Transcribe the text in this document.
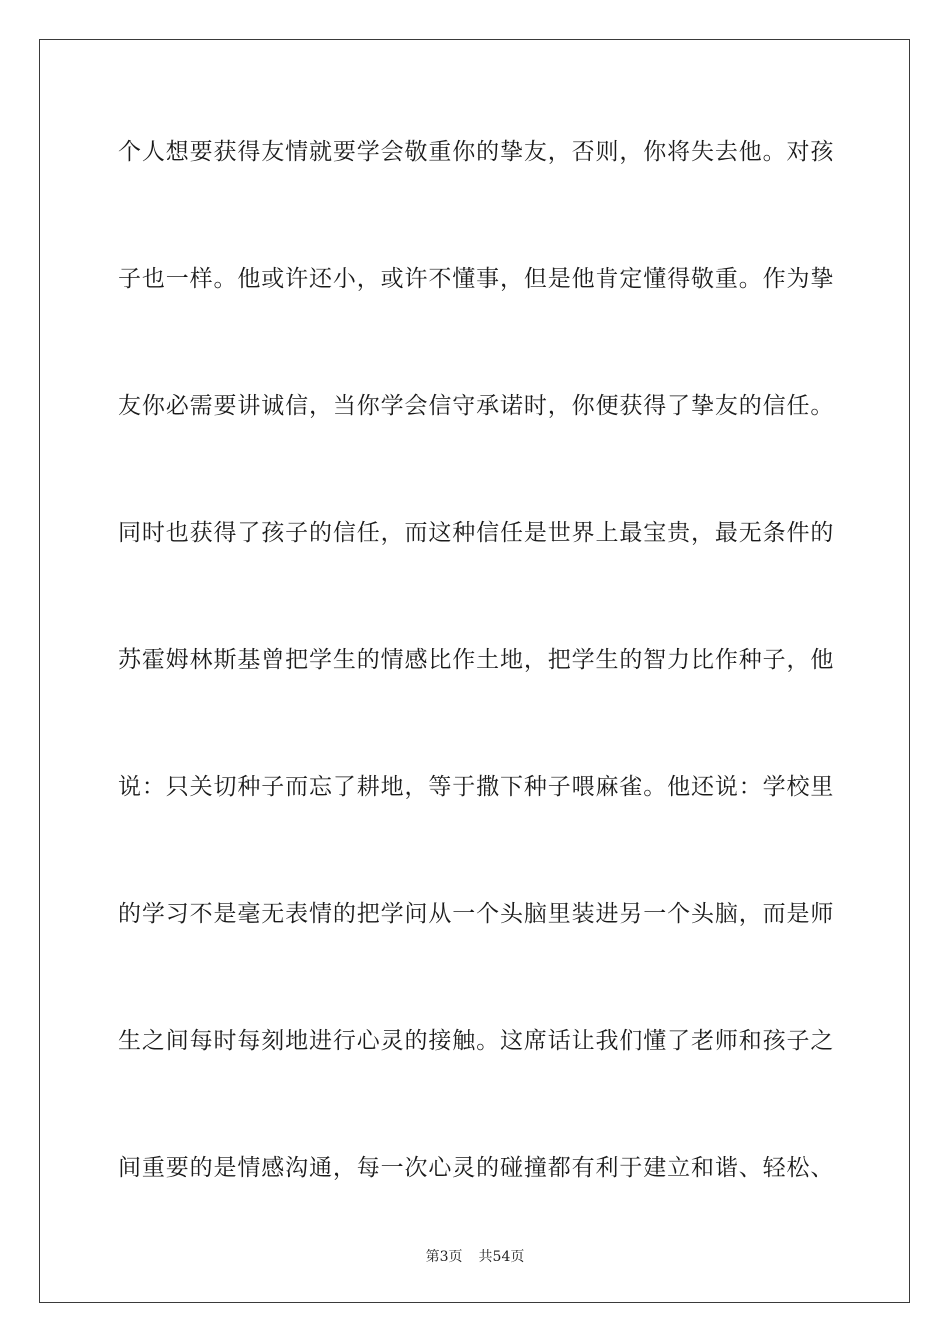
个人想要获得友情就要学会敬重你的挚友，否则，你将失去他。对孩
子也一样。他或许还小，或许不懂事，但是他肯定懂得敬重。作为挚
友你必需要讲诚信，当你学会信守承诺时，你便获得了挚友的信任。
同时也获得了孩子的信任，而这种信任是世界上最宝贵，最无条件的
苏霍姆林斯基曾把学生的情感比作土地，把学生的智力比作种子，他
说：只关切种子而忘了耕地，等于撒下种子喂麻雀。他还说：学校里
的学习不是毫无表情的把学问从一个头脑里装进另一个头脑，而是师
生之间每时每刻地进行心灵的接触。这席话让我们懂了老师和孩子之
间重要的是情感沟通，每一次心灵的碰撞都有利于建立和谐、轻松、
第3页 共54页
